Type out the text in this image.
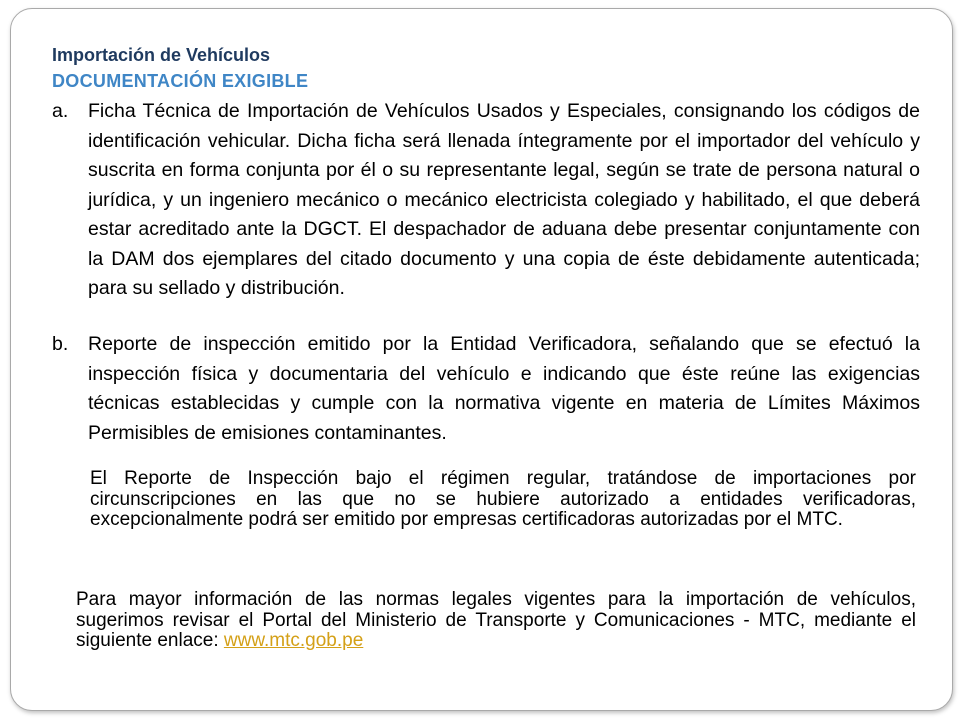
Importación de Vehículos
DOCUMENTACIÓN EXIGIBLE
a. Ficha Técnica de Importación de Vehículos Usados y Especiales, consignando los códigos de identificación vehicular. Dicha ficha será llenada íntegramente por el importador del vehículo y suscrita en forma conjunta por él o su representante legal, según se trate de persona natural o jurídica, y un ingeniero mecánico o mecánico electricista colegiado y habilitado, el que deberá estar acreditado ante la DGCT. El despachador de aduana debe presentar conjuntamente con la DAM dos ejemplares del citado documento y una copia de éste debidamente autenticada; para su sellado y distribución.
b. Reporte de inspección emitido por la Entidad Verificadora, señalando que se efectuó la inspección física y documentaria del vehículo e indicando que éste reúne las exigencias técnicas establecidas y cumple con la normativa vigente en materia de Límites Máximos Permisibles de emisiones contaminantes.

El Reporte de Inspección bajo el régimen regular, tratándose de importaciones por circunscripciones en las que no se hubiere autorizado a entidades verificadoras, excepcionalmente podrá ser emitido por empresas certificadoras autorizadas por el MTC.

Para mayor información de las normas legales vigentes para la importación de vehículos, sugerimos revisar el Portal del Ministerio de Transporte y Comunicaciones - MTC, mediante el siguiente enlace: www.mtc.gob.pe
